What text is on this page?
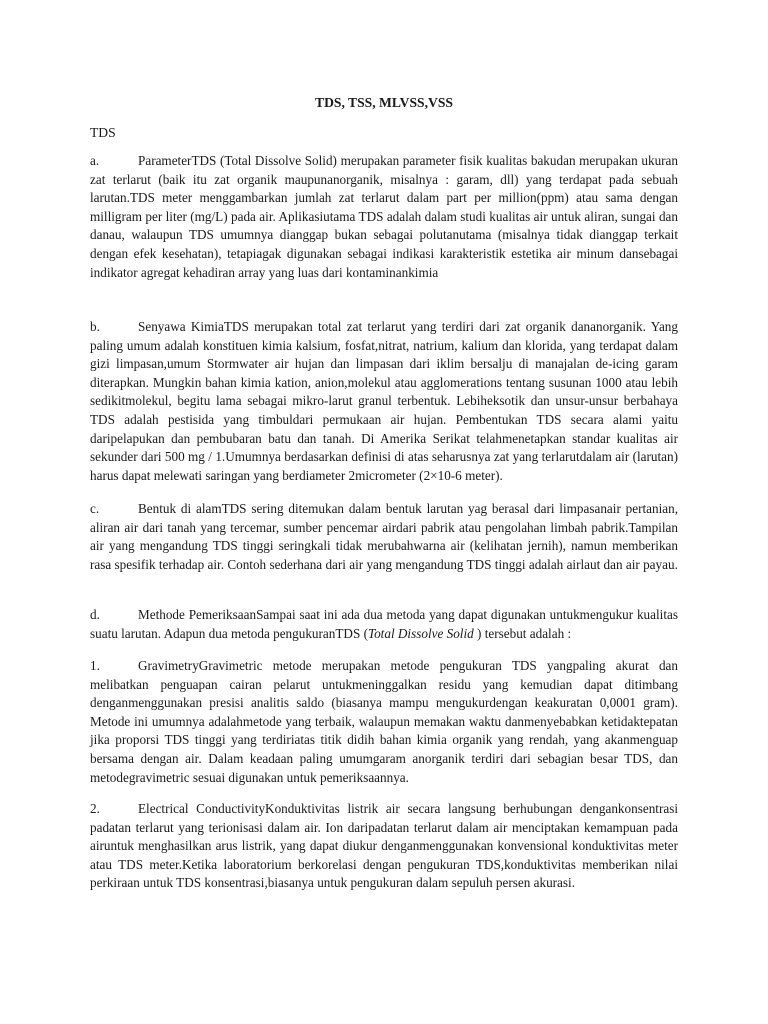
TDS, TSS, MLVSS,VSS
TDS

a.	ParameterTDS (Total Dissolve Solid) merupakan parameter fisik kualitas bakudan merupakan ukuran zat terlarut (baik itu zat organik maupunanorganik, misalnya : garam, dll) yang terdapat pada sebuah larutan.TDS meter menggambarkan jumlah zat terlarut dalam part per million(ppm) atau sama dengan milligram per liter (mg/L) pada air. Aplikasiutama TDS adalah dalam studi kualitas air untuk aliran, sungai dan danau, walaupun TDS umumnya dianggap bukan sebagai polutanutama (misalnya tidak dianggap terkait dengan efek kesehatan), tetapiagak digunakan sebagai indikasi karakteristik estetika air minum dansebagai indikator agregat kehadiran array yang luas dari kontaminankimia

b.	Senyawa KimiaTDS merupakan total zat terlarut yang terdiri dari zat organik dananorganik. Yang paling umum adalah konstituen kimia kalsium, fosfat,nitrat, natrium, kalium dan klorida, yang terdapat dalam gizi limpasan,umum Stormwater air hujan dan limpasan dari iklim bersalju di manajalan de-icing garam diterapkan. Mungkin bahan kimia kation, anion,molekul atau agglomerations tentang susunan 1000 atau lebih sedikitmolekul, begitu lama sebagai mikro-larut granul terbentuk. Lebiheksotik dan unsur-unsur berbahaya TDS adalah pestisida yang timbuldari permukaan air hujan. Pembentukan TDS secara alami yaitu daripelapukan dan pembubaran batu dan tanah. Di Amerika Serikat telahmenetapkan standar kualitas air sekunder dari 500 mg / 1.Umumnya berdasarkan definisi di atas seharusnya zat yang terlarutdalam air (larutan) harus dapat melewati saringan yang berdiameter 2micrometer (2×10-6 meter).

c.	Bentuk di alamTDS sering ditemukan dalam bentuk larutan yag berasal dari limpasanair pertanian, aliran air dari tanah yang tercemar, sumber pencemar airdari pabrik atau pengolahan limbah pabrik.Tampilan air yang mengandung TDS tinggi seringkali tidak merubahwarna air (kelihatan jernih), namun memberikan rasa spesifik terhadap air. Contoh sederhana dari air yang mengandung TDS tinggi adalah airlaut dan air payau.

d.	Methode PemeriksaanSampai saat ini ada dua metoda yang dapat digunakan untukmengukur kualitas suatu larutan. Adapun dua metoda pengukuranTDS (Total Dissolve Solid ) tersebut adalah :

1.	GravimetryGravimetric metode merupakan metode pengukuran TDS yangpaling akurat dan melibatkan penguapan cairan pelarut untukmeninggalkan residu yang kemudian dapat ditimbang denganmenggunakan presisi analitis saldo (biasanya mampu mengukurdengan keakuratan 0,0001 gram). Metode ini umumnya adalahmetode yang terbaik, walaupun memakan waktu danmenyebabkan ketidaktepatan jika proporsi TDS tinggi yang terdiriatas titik didih bahan kimia organik yang rendah, yang akanmenguap bersama dengan air. Dalam keadaan paling umumgaram anorganik terdiri dari sebagian besar TDS, dan metodegravimetric sesuai digunakan untuk pemeriksaannya.

2.	Electrical ConductivityKonduktivitas listrik air secara langsung berhubungan dengankonsentrasi padatan terlarut yang terionisasi dalam air. Ion daripadatan terlarut dalam air menciptakan kemampuan pada airuntuk menghasilkan arus listrik, yang dapat diukur denganmenggunakan konvensional konduktivitas meter atau TDS meter.Ketika laboratorium berkorelasi dengan pengukuran TDS,konduktivitas memberikan nilai perkiraan untuk TDS konsentrasi,biasanya untuk pengukuran dalam sepuluh persen akurasi.
